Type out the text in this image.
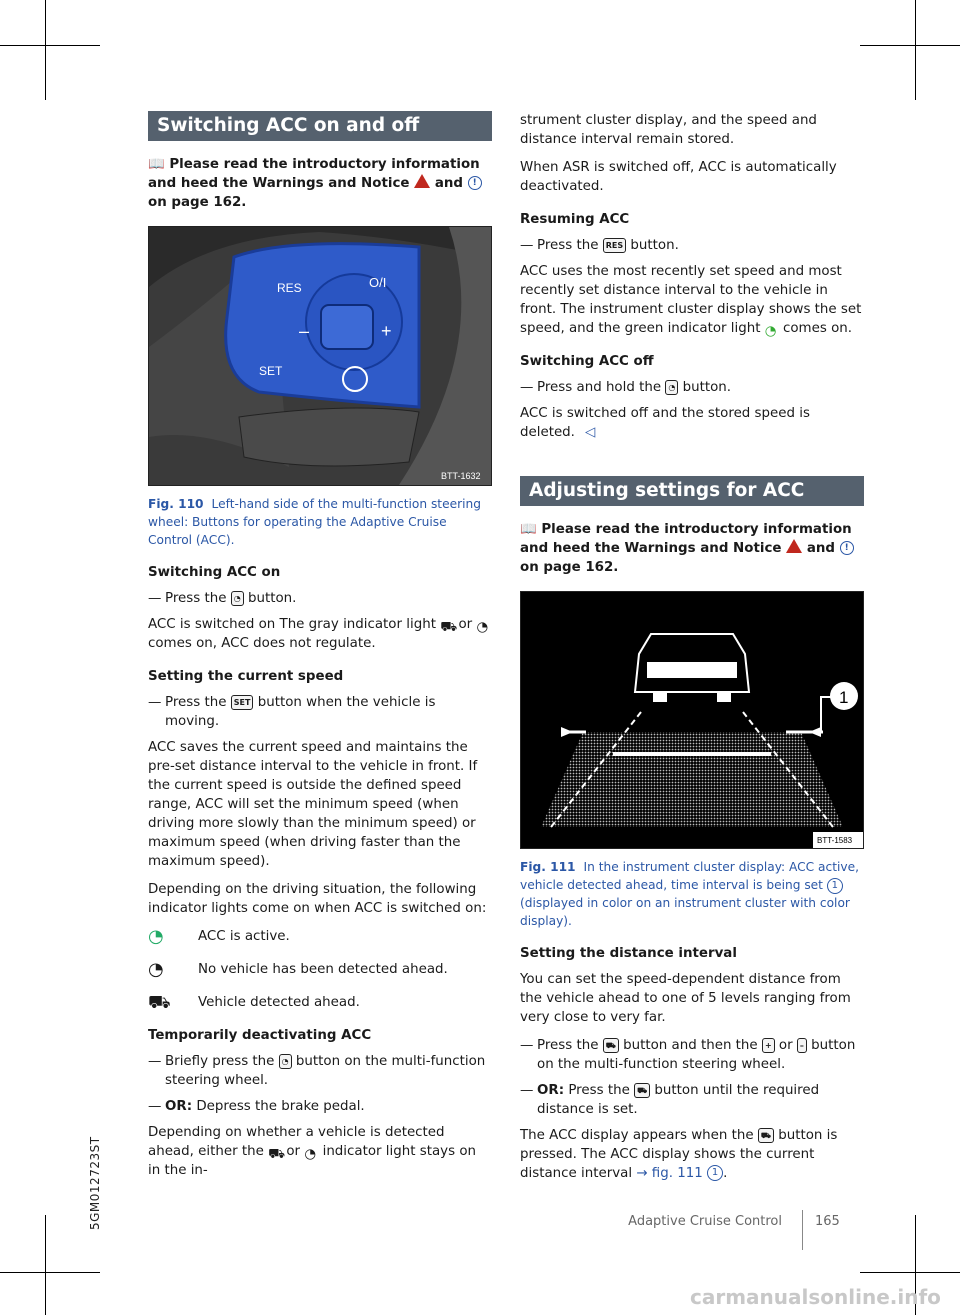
5GM012723ST
Switching ACC on and off

📖 Please read the introductory information and heed the Warnings and Notice and ! on page 162.

RES
SET
O/I
–	+
BTT-1632

Fig. 110 Left-hand side of the multi-function steering wheel: Buttons for operating the Adaptive Cruise Control (ACC).

Switching ACC on

— Press the ◔ button.

ACC is switched on The gray indicator light ⛟ or ◔ comes on, ACC does not regulate.

Setting the current speed

— Press the SET button when the vehicle is moving.

ACC saves the current speed and maintains the pre-set distance interval to the vehicle in front. If the current speed is outside the defined speed range, ACC will set the minimum speed (when driving more slowly than the minimum speed) or maximum speed (when driving faster than the maximum speed).

Depending on the driving situation, the following indicator lights come on when ACC is switched on:

◔	ACC is active.
◔	No vehicle has been detected ahead.
⛟	Vehicle detected ahead.

Temporarily deactivating ACC

— Briefly press the ◔ button on the multi-function steering wheel.

— OR: Depress the brake pedal.

Depending on whether a vehicle is detected ahead, either the ⛟ or ◔ indicator light stays on in the in-

strument cluster display, and the speed and distance interval remain stored.

When ASR is switched off, ACC is automatically deactivated.

Resuming ACC

— Press the RES button.

ACC uses the most recently set speed and most recently set distance interval to the vehicle in front. The instrument cluster display shows the set speed, and the green indicator light ◔ comes on.

Switching ACC off

— Press and hold the ◔ button.

ACC is switched off and the stored speed is deleted. ◁

Adjusting settings for ACC

📖 Please read the introductory information and heed the Warnings and Notice and ! on page 162.

1
BTT-1583

Fig. 111 In the instrument cluster display: ACC active, vehicle detected ahead, time interval is being set 1 (displayed in color on an instrument cluster with color display).

Setting the distance interval

You can set the speed-dependent distance from the vehicle ahead to one of 5 levels ranging from very close to very far.

— Press the ⛟ button and then the + or – button on the multi-function steering wheel.

— OR: Press the ⛟ button until the required distance is set.

The ACC display appears when the ⛟ button is pressed. The ACC display shows the current distance interval → fig. 111 1 .

Adaptive Cruise Control	165
carmanualsonline.info
